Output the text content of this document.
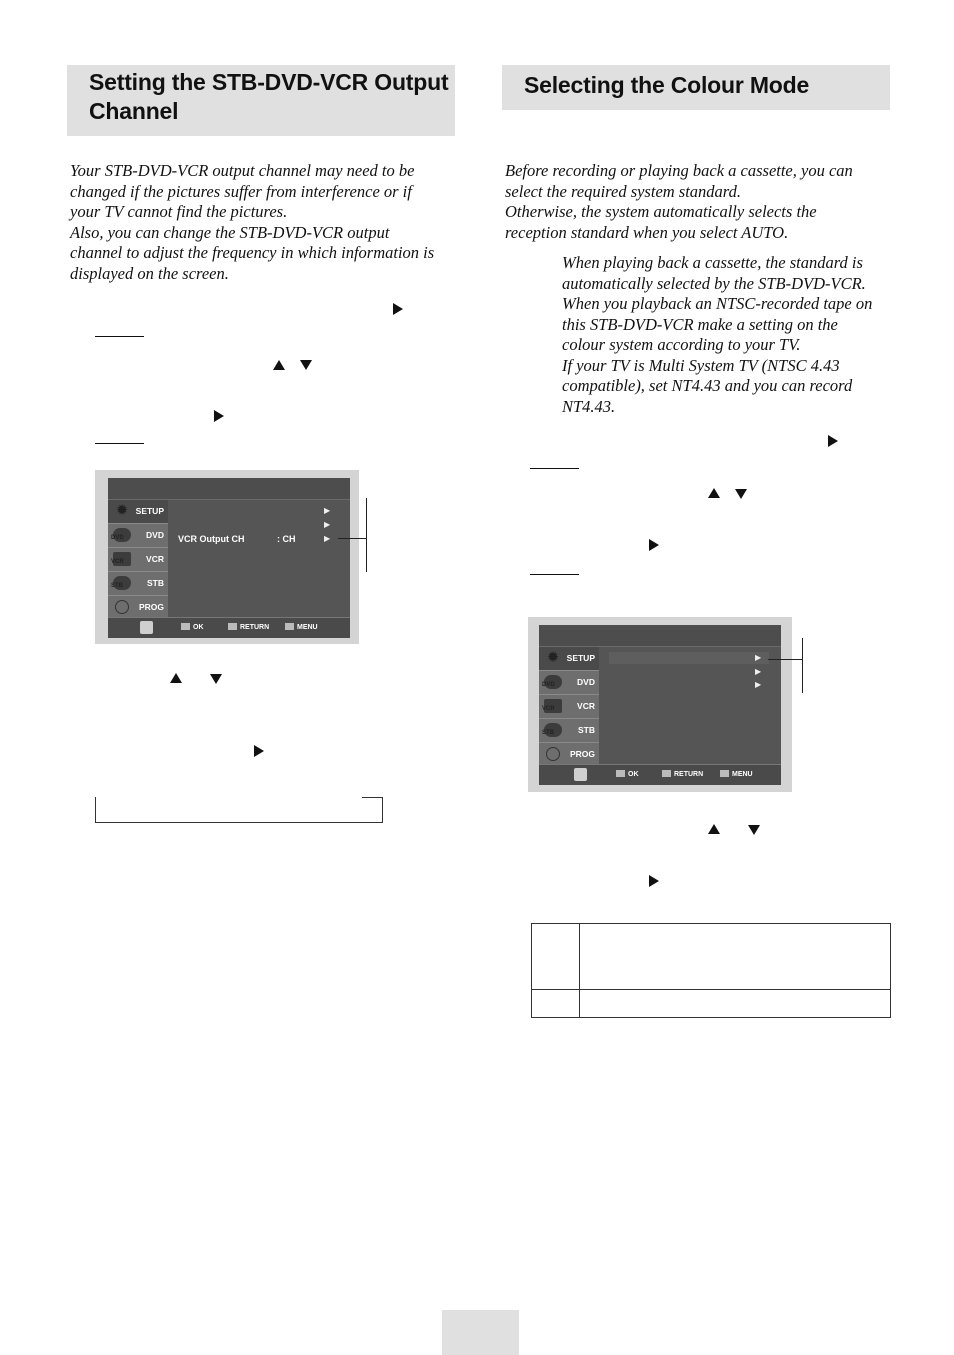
Setting the STB-DVD-VCR Output
Channel

Your STB-DVD-VCR output channel may need to be

changed if the pictures suffer from interference or if

your TV cannot find the pictures.

Also, you can change the STB-DVD-VCR output

channel to adjust the frequency in which information is

displayed on the screen.

✹ SETUP
DVD	DVD
VCR	VCR
STB	STB
PROG
▶
▶
VCR Output CH	: CH	▶
OK	RETURN	MENU
Selecting the Colour Mode

Before recording or playing back a cassette, you can

select the required system standard.

Otherwise, the system automatically selects the

reception standard when you select AUTO.

When playing back a cassette, the standard is

automatically selected by the STB-DVD-VCR.

When you playback an NTSC-recorded tape on

this STB-DVD-VCR make a setting on the

colour system according to your TV.

If your TV is Multi System TV (NTSC 4.43

compatible), set NT4.43 and you can record

NT4.43.

✹ SETUP
DVD	DVD
VCR	VCR
STB	STB
PROG
▶
▶
▶
OK	RETURN	MENU
